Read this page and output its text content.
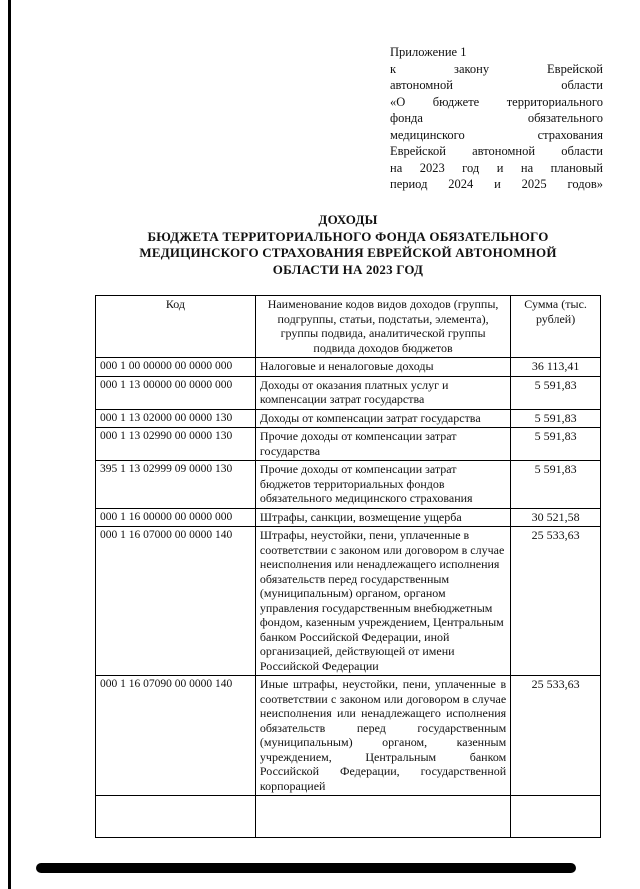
Приложение 1
к закону Еврейской
автономной области
«О бюджете территориального
фонда обязательного
медицинского страхования
Еврейской автономной области
на 2023 год и на плановый
период 2024 и 2025 годов»
ДОХОДЫ
БЮДЖЕТА ТЕРРИТОРИАЛЬНОГО ФОНДА ОБЯЗАТЕЛЬНОГО
МЕДИЦИНСКОГО СТРАХОВАНИЯ ЕВРЕЙСКОЙ АВТОНОМНОЙ
ОБЛАСТИ НА 2023 ГОД
Код	Наименование кодов видов доходов (группы, подгруппы, статьи, подстатьи, элемента), группы подвида, аналитической группы подвида доходов бюджетов	Сумма (тыс. рублей)
000 1 00 00000 00 0000 000	Налоговые и неналоговые доходы	36 113,41
000 1 13 00000 00 0000 000	Доходы от оказания платных услуг и компенсации затрат государства	5 591,83
000 1 13 02000 00 0000 130	Доходы от компенсации затрат государства	5 591,83
000 1 13 02990 00 0000 130	Прочие доходы от компенсации затрат государства	5 591,83
395 1 13 02999 09 0000 130	Прочие доходы от компенсации затрат бюджетов территориальных фондов обязательного медицинского страхования	5 591,83
000 1 16 00000 00 0000 000	Штрафы, санкции, возмещение ущерба	30 521,58
000 1 16 07000 00 0000 140	Штрафы, неустойки, пени, уплаченные в соответствии с законом или договором в случае неисполнения или ненадлежащего исполнения обязательств перед государственным (муниципальным) органом, органом управления государственным внебюджетным фондом, казенным учреждением, Центральным банком Российской Федерации, иной организацией, действующей от имени Российской Федерации	25 533,63
000 1 16 07090 00 0000 140	Иные штрафы, неустойки, пени, уплаченные в соответствии с законом или договором в случае неисполнения или ненадлежащего исполнения обязательств перед государственным (муниципальным) органом, казенным учреждением, Центральным банком Российской Федерации, государственной корпорацией	25 533,63
